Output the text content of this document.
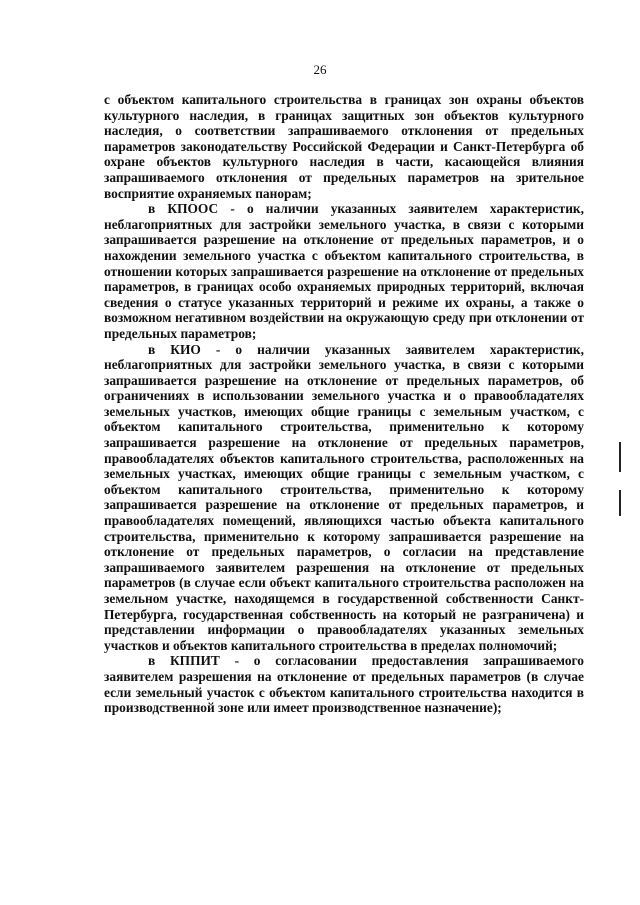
26

с объектом капитального строительства в границах зон охраны объектов культурного наследия, в границах защитных зон объектов культурного наследия, о соответствии запрашиваемого отклонения от предельных параметров законодательству Российской Федерации и Санкт-Петербурга об охране объектов культурного наследия в части, касающейся влияния запрашиваемого отклонения от предельных параметров на зрительное восприятие охраняемых панорам;

в КПООС - о наличии указанных заявителем характеристик, неблагоприятных для застройки земельного участка, в связи с которыми запрашивается разрешение на отклонение от предельных параметров, и о нахождении земельного участка с объектом капитального строительства, в отношении которых запрашивается разрешение на отклонение от предельных параметров, в границах особо охраняемых природных территорий, включая сведения о статусе указанных территорий и режиме их охраны, а также о возможном негативном воздействии на окружающую среду при отклонении от предельных параметров;

в КИО - о наличии указанных заявителем характеристик, неблагоприятных для застройки земельного участка, в связи с которыми запрашивается разрешение на отклонение от предельных параметров, об ограничениях в использовании земельного участка и о правообладателях земельных участков, имеющих общие границы с земельным участком, с объектом капитального строительства, применительно к которому запрашивается разрешение на отклонение от предельных параметров, правообладателях объектов капитального строительства, расположенных на земельных участках, имеющих общие границы с земельным участком, с объектом капитального строительства, применительно к которому запрашивается разрешение на отклонение от предельных параметров, и правообладателях помещений, являющихся частью объекта капитального строительства, применительно к которому запрашивается разрешение на отклонение от предельных параметров, о согласии на представление запрашиваемого заявителем разрешения на отклонение от предельных параметров (в случае если объект капитального строительства расположен на земельном участке, находящемся в государственной собственности Санкт-Петербурга, государственная собственность на который не разграничена) и представлении информации о правообладателях указанных земельных участков и объектов капитального строительства в пределах полномочий;

в КППИТ - о согласовании предоставления запрашиваемого заявителем разрешения на отклонение от предельных параметров (в случае если земельный участок с объектом капитального строительства находится в производственной зоне или имеет производственное назначение);
